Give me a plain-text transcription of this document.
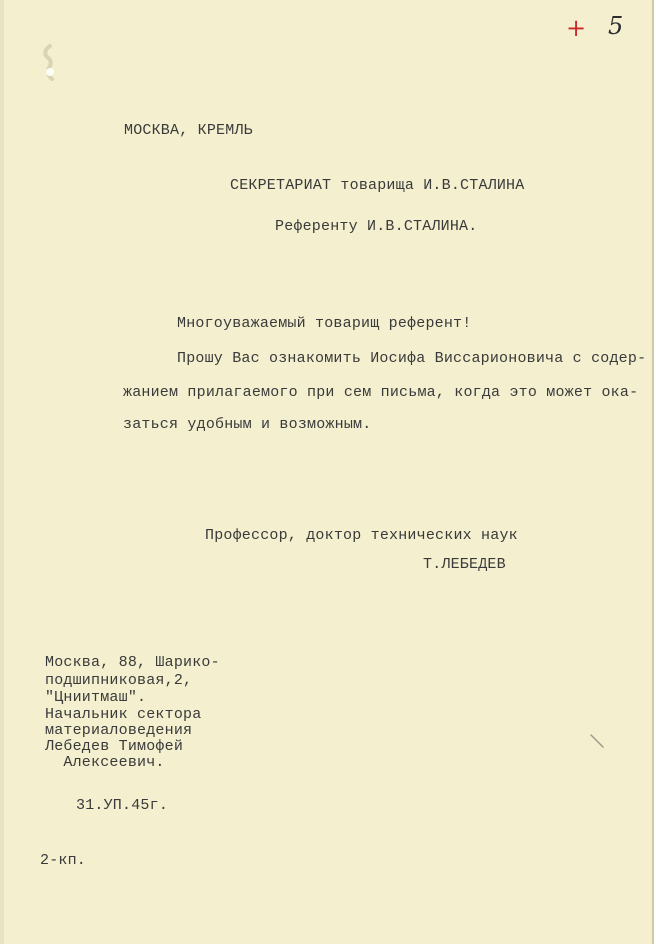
+ 5
МОСКВА, КРЕМЛЬ
СЕКРЕТАРИАТ товарища И.В.СТАЛИНА
Референту И.В.СТАЛИНА.
Многоуважаемый товарищ референт!
Прошу Вас ознакомить Иосифа Виссарионовича с содер-
жанием прилагаемого при сем письма, когда это может ока-
заться удобным и возможным.
Профессор, доктор технических наук
Т.ЛЕБЕДЕВ
Москва, 88, Шарико-
подшипниковая,2,
"Цниитмаш".
Начальник сектора
материаловедения
Лебедев Тимофей
Алексеевич.
31.УП.45г.
2-кп.
